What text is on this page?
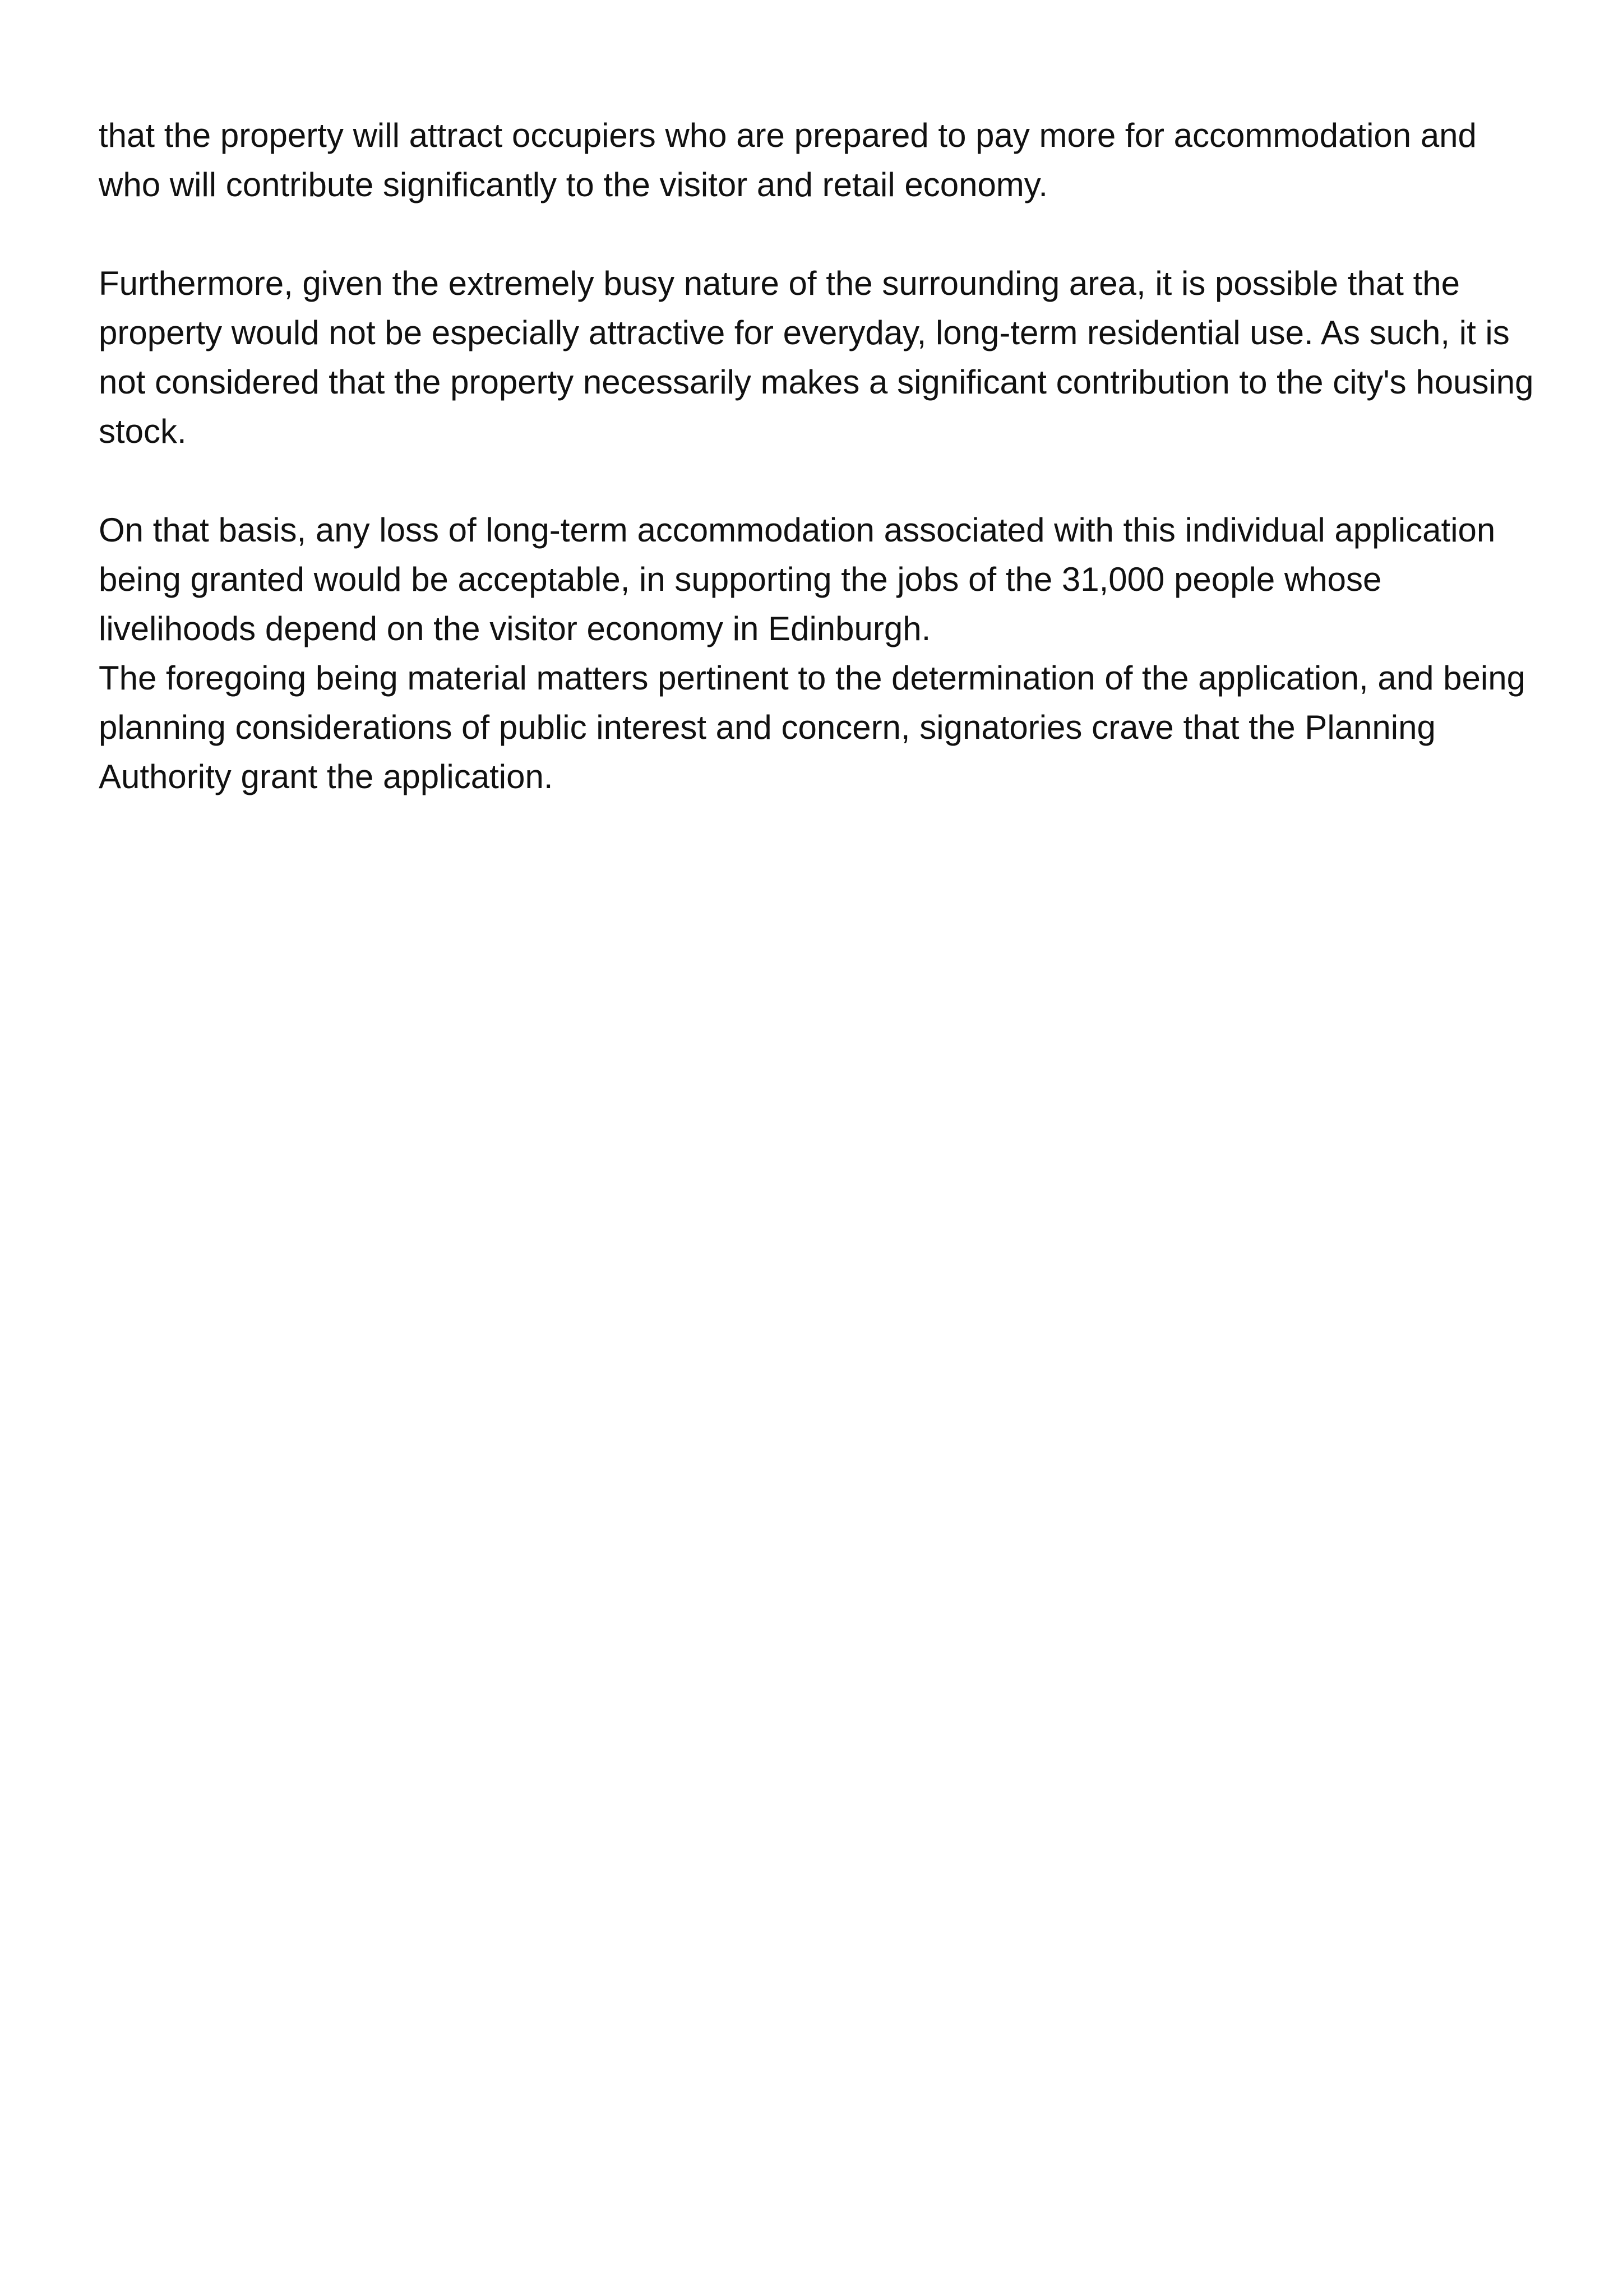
that the property will attract occupiers who are prepared to pay more for accommodation and who will contribute significantly to the visitor and retail economy.

Furthermore, given the extremely busy nature of the surrounding area, it is possible that the property would not be especially attractive for everyday, long-term residential use. As such, it is not considered that the property necessarily makes a significant contribution to the city's housing stock.

On that basis, any loss of long-term accommodation associated with this individual application being granted would be acceptable, in supporting the jobs of the 31,000 people whose livelihoods depend on the visitor economy in Edinburgh.

The foregoing being material matters pertinent to the determination of the application, and being planning considerations of public interest and concern, signatories crave that the Planning Authority grant the application.
